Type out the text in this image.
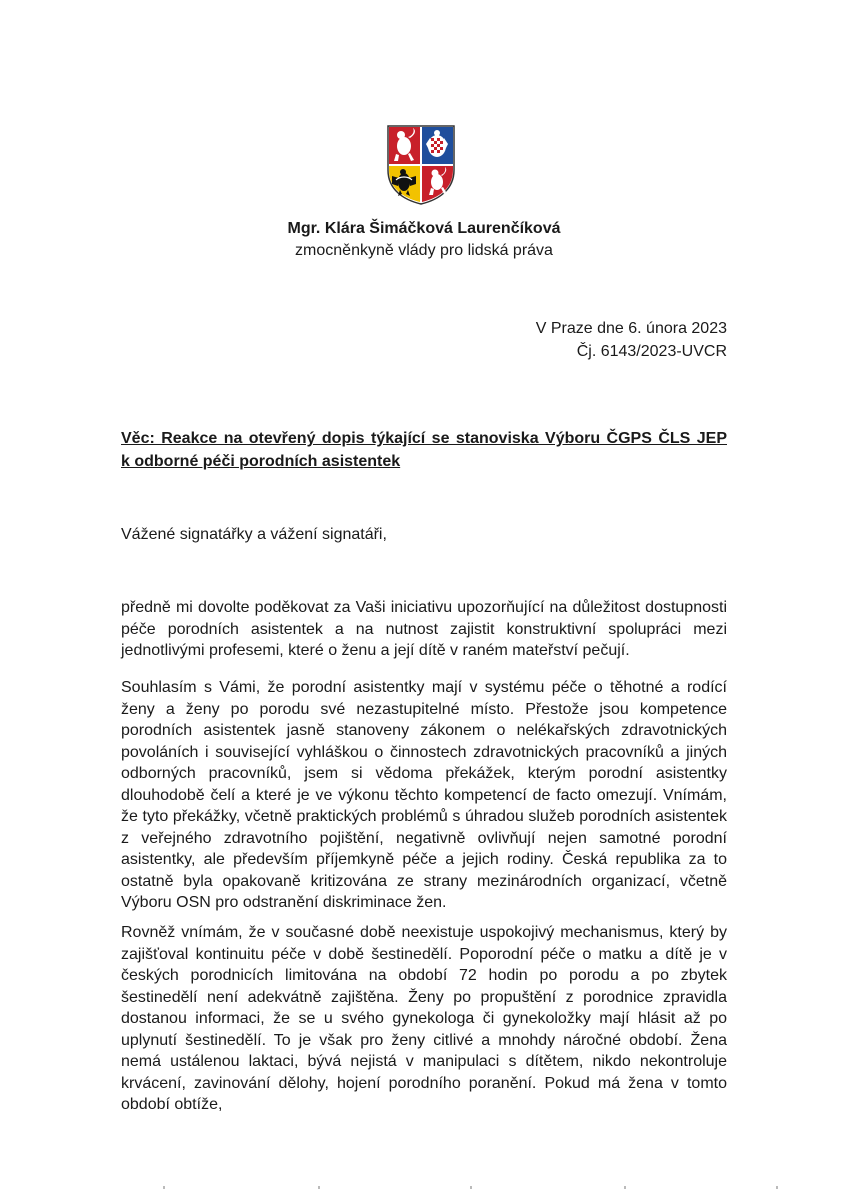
Mgr. Klára Šimáčková Laurenčíková
zmocněnkyně vlády pro lidská práva
V Praze dne 6. února 2023
Čj. 6143/2023-UVCR
Věc: Reakce na otevřený dopis týkající se stanoviska Výboru ČGPS ČLS JEP
k odborné péči porodních asistentek
Vážené signatářky a vážení signatáři,
předně mi dovolte poděkovat za Vaši iniciativu upozorňující na důležitost dostupnosti péče porodních asistentek a na nutnost zajistit konstruktivní spolupráci mezi jednotlivými profesemi, které o ženu a její dítě v raném mateřství pečují.
Souhlasím s Vámi, že porodní asistentky mají v systému péče o těhotné a rodící ženy a ženy po porodu své nezastupitelné místo. Přestože jsou kompetence porodních asistentek jasně stanoveny zákonem o nelékařských zdravotnických povoláních i související vyhláškou o činnostech zdravotnických pracovníků a jiných odborných pracovníků, jsem si vědoma překážek, kterým porodní asistentky dlouhodobě čelí a které je ve výkonu těchto kompetencí de facto omezují. Vnímám, že tyto překážky, včetně praktických problémů s úhradou služeb porodních asistentek z veřejného zdravotního pojištění, negativně ovlivňují nejen samotné porodní asistentky, ale především příjemkyně péče a jejich rodiny. Česká republika za to ostatně byla opakovaně kritizována ze strany mezinárodních organizací, včetně Výboru OSN pro odstranění diskriminace žen.
Rovněž vnímám, že v současné době neexistuje uspokojivý mechanismus, který by zajišťoval kontinuitu péče v době šestinedělí. Poporodní péče o matku a dítě je v českých porodnicích limitována na období 72 hodin po porodu a po zbytek šestinedělí není adekvátně zajištěna. Ženy po propuštění z porodnice zpravidla dostanou informaci, že se u svého gynekologa či gynekoložky mají hlásit až po uplynutí šestinedělí. To je však pro ženy citlivé a mnohdy náročné období. Žena nemá ustálenou laktaci, bývá nejistá v manipulaci s dítětem, nikdo nekontroluje krvácení, zavinování dělohy, hojení porodního poranění. Pokud má žena v tomto období obtíže,
